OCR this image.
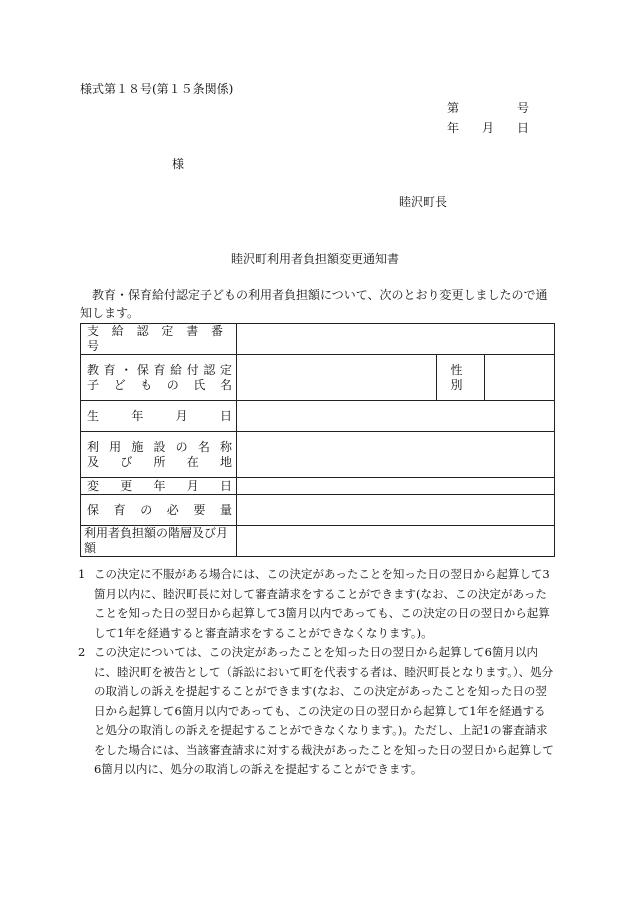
様式第１８号(第１５条関係)
第	号
年 月 日
様
睦沢町長
睦沢町利用者負担額変更通知書
教育・保育給付認定子どもの利用者負担額について、次のとおり変更しましたので通知します。
支給認定書番号			

教育・保育給付認定
子どもの氏名		性別	
生年月日			

利用施設の名称
及び所在地			

変更年月日			
保育の必要量			
利用者負担額の階層及び月額			
1 この決定に不服がある場合には、この決定があったことを知った日の翌日から起算して3箇月以内に、睦沢町長に対して審査請求をすることができます(なお、この決定があったことを知った日の翌日から起算して3箇月以内であっても、この決定の日の翌日から起算して1年を経過すると審査請求をすることができなくなります。)。
2 この決定については、この決定があったことを知った日の翌日から起算して6箇月以内に、睦沢町を被告として（訴訟において町を代表する者は、睦沢町長となります。）、処分の取消しの訴えを提起することができます(なお、この決定があったことを知った日の翌日から起算して6箇月以内であっても、この決定の日の翌日から起算して1年を経過すると処分の取消しの訴えを提起することができなくなります。)。ただし、上記1の審査請求をした場合には、当該審査請求に対する裁決があったことを知った日の翌日から起算して6箇月以内に、処分の取消しの訴えを提起することができます。
